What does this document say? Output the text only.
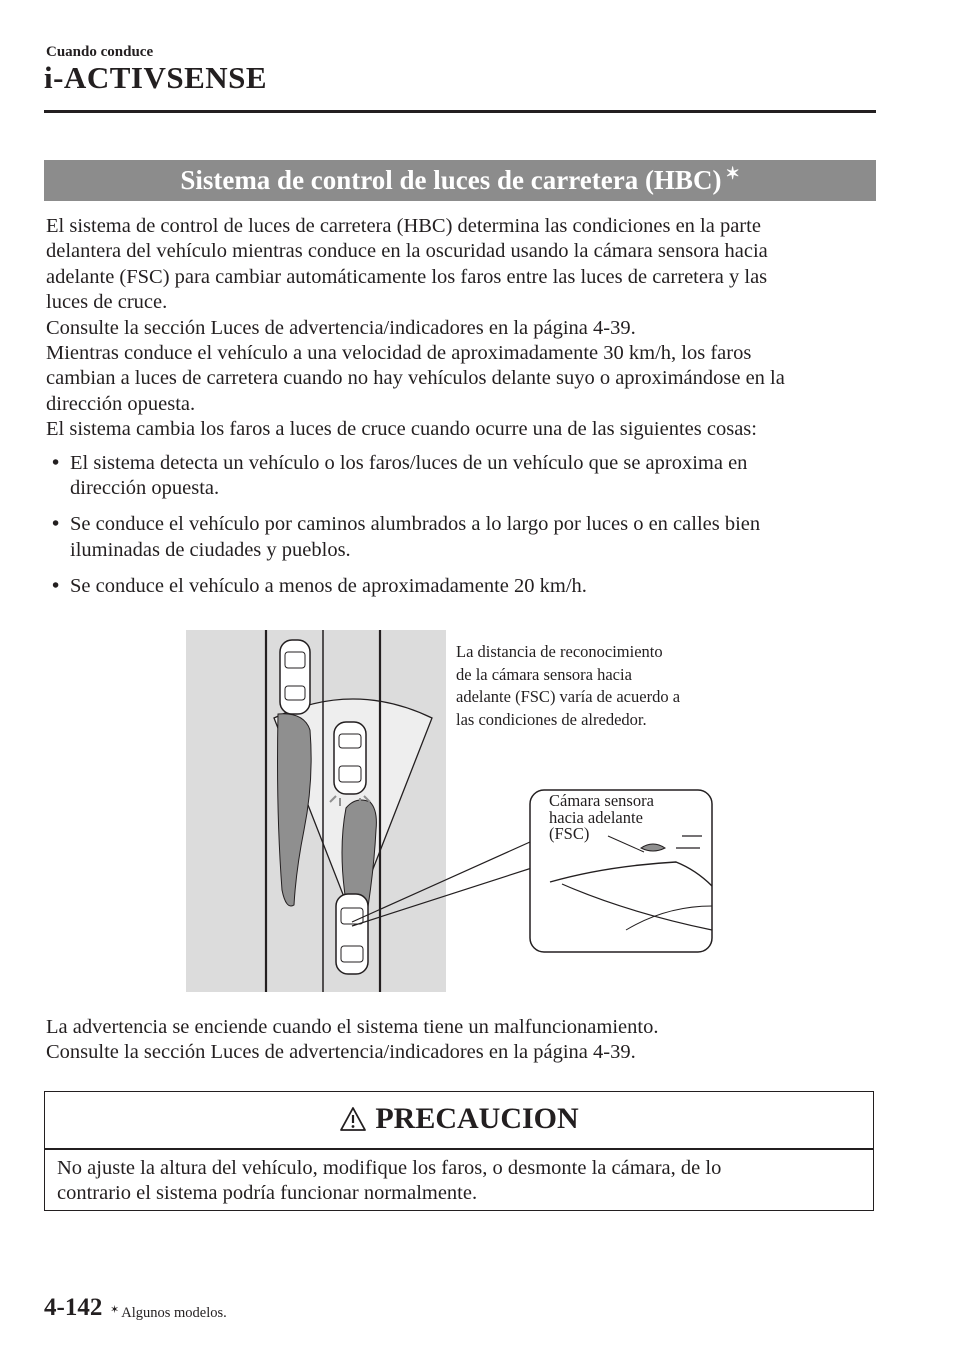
Cuando conduce
i-ACTIVSENSE
Sistema de control de luces de carretera (HBC) ✶
El sistema de control de luces de carretera (HBC) determina las condiciones en la parte
delantera del vehículo mientras conduce en la oscuridad usando la cámara sensora hacia
adelante (FSC) para cambiar automáticamente los faros entre las luces de carretera y las
luces de cruce.
Consulte la sección Luces de advertencia/indicadores en la página 4-39.
Mientras conduce el vehículo a una velocidad de aproximadamente 30 km/h, los faros
cambian a luces de carretera cuando no hay vehículos delante suyo o aproximándose en la
dirección opuesta.
El sistema cambia los faros a luces de cruce cuando ocurre una de las siguientes cosas:
• El sistema detecta un vehículo o los faros/luces de un vehículo que se aproxima en
dirección opuesta.
• Se conduce el vehículo por caminos alumbrados a lo largo por luces o en calles bien
iluminadas de ciudades y pueblos.
• Se conduce el vehículo a menos de aproximadamente 20 km/h.
La distancia de reconocimiento
de la cámara sensora hacia
adelante (FSC) varía de acuerdo a
las condiciones de alrededor.
Cámara sensora
hacia adelante
(FSC)
La advertencia se enciende cuando el sistema tiene un malfuncionamiento.
Consulte la sección Luces de advertencia/indicadores en la página 4-39.
PRECAUCION
No ajuste la altura del vehículo, modifique los faros, o desmonte la cámara, de lo
contrario el sistema podría funcionar normalmente.
4-142 ✶ Algunos modelos.
